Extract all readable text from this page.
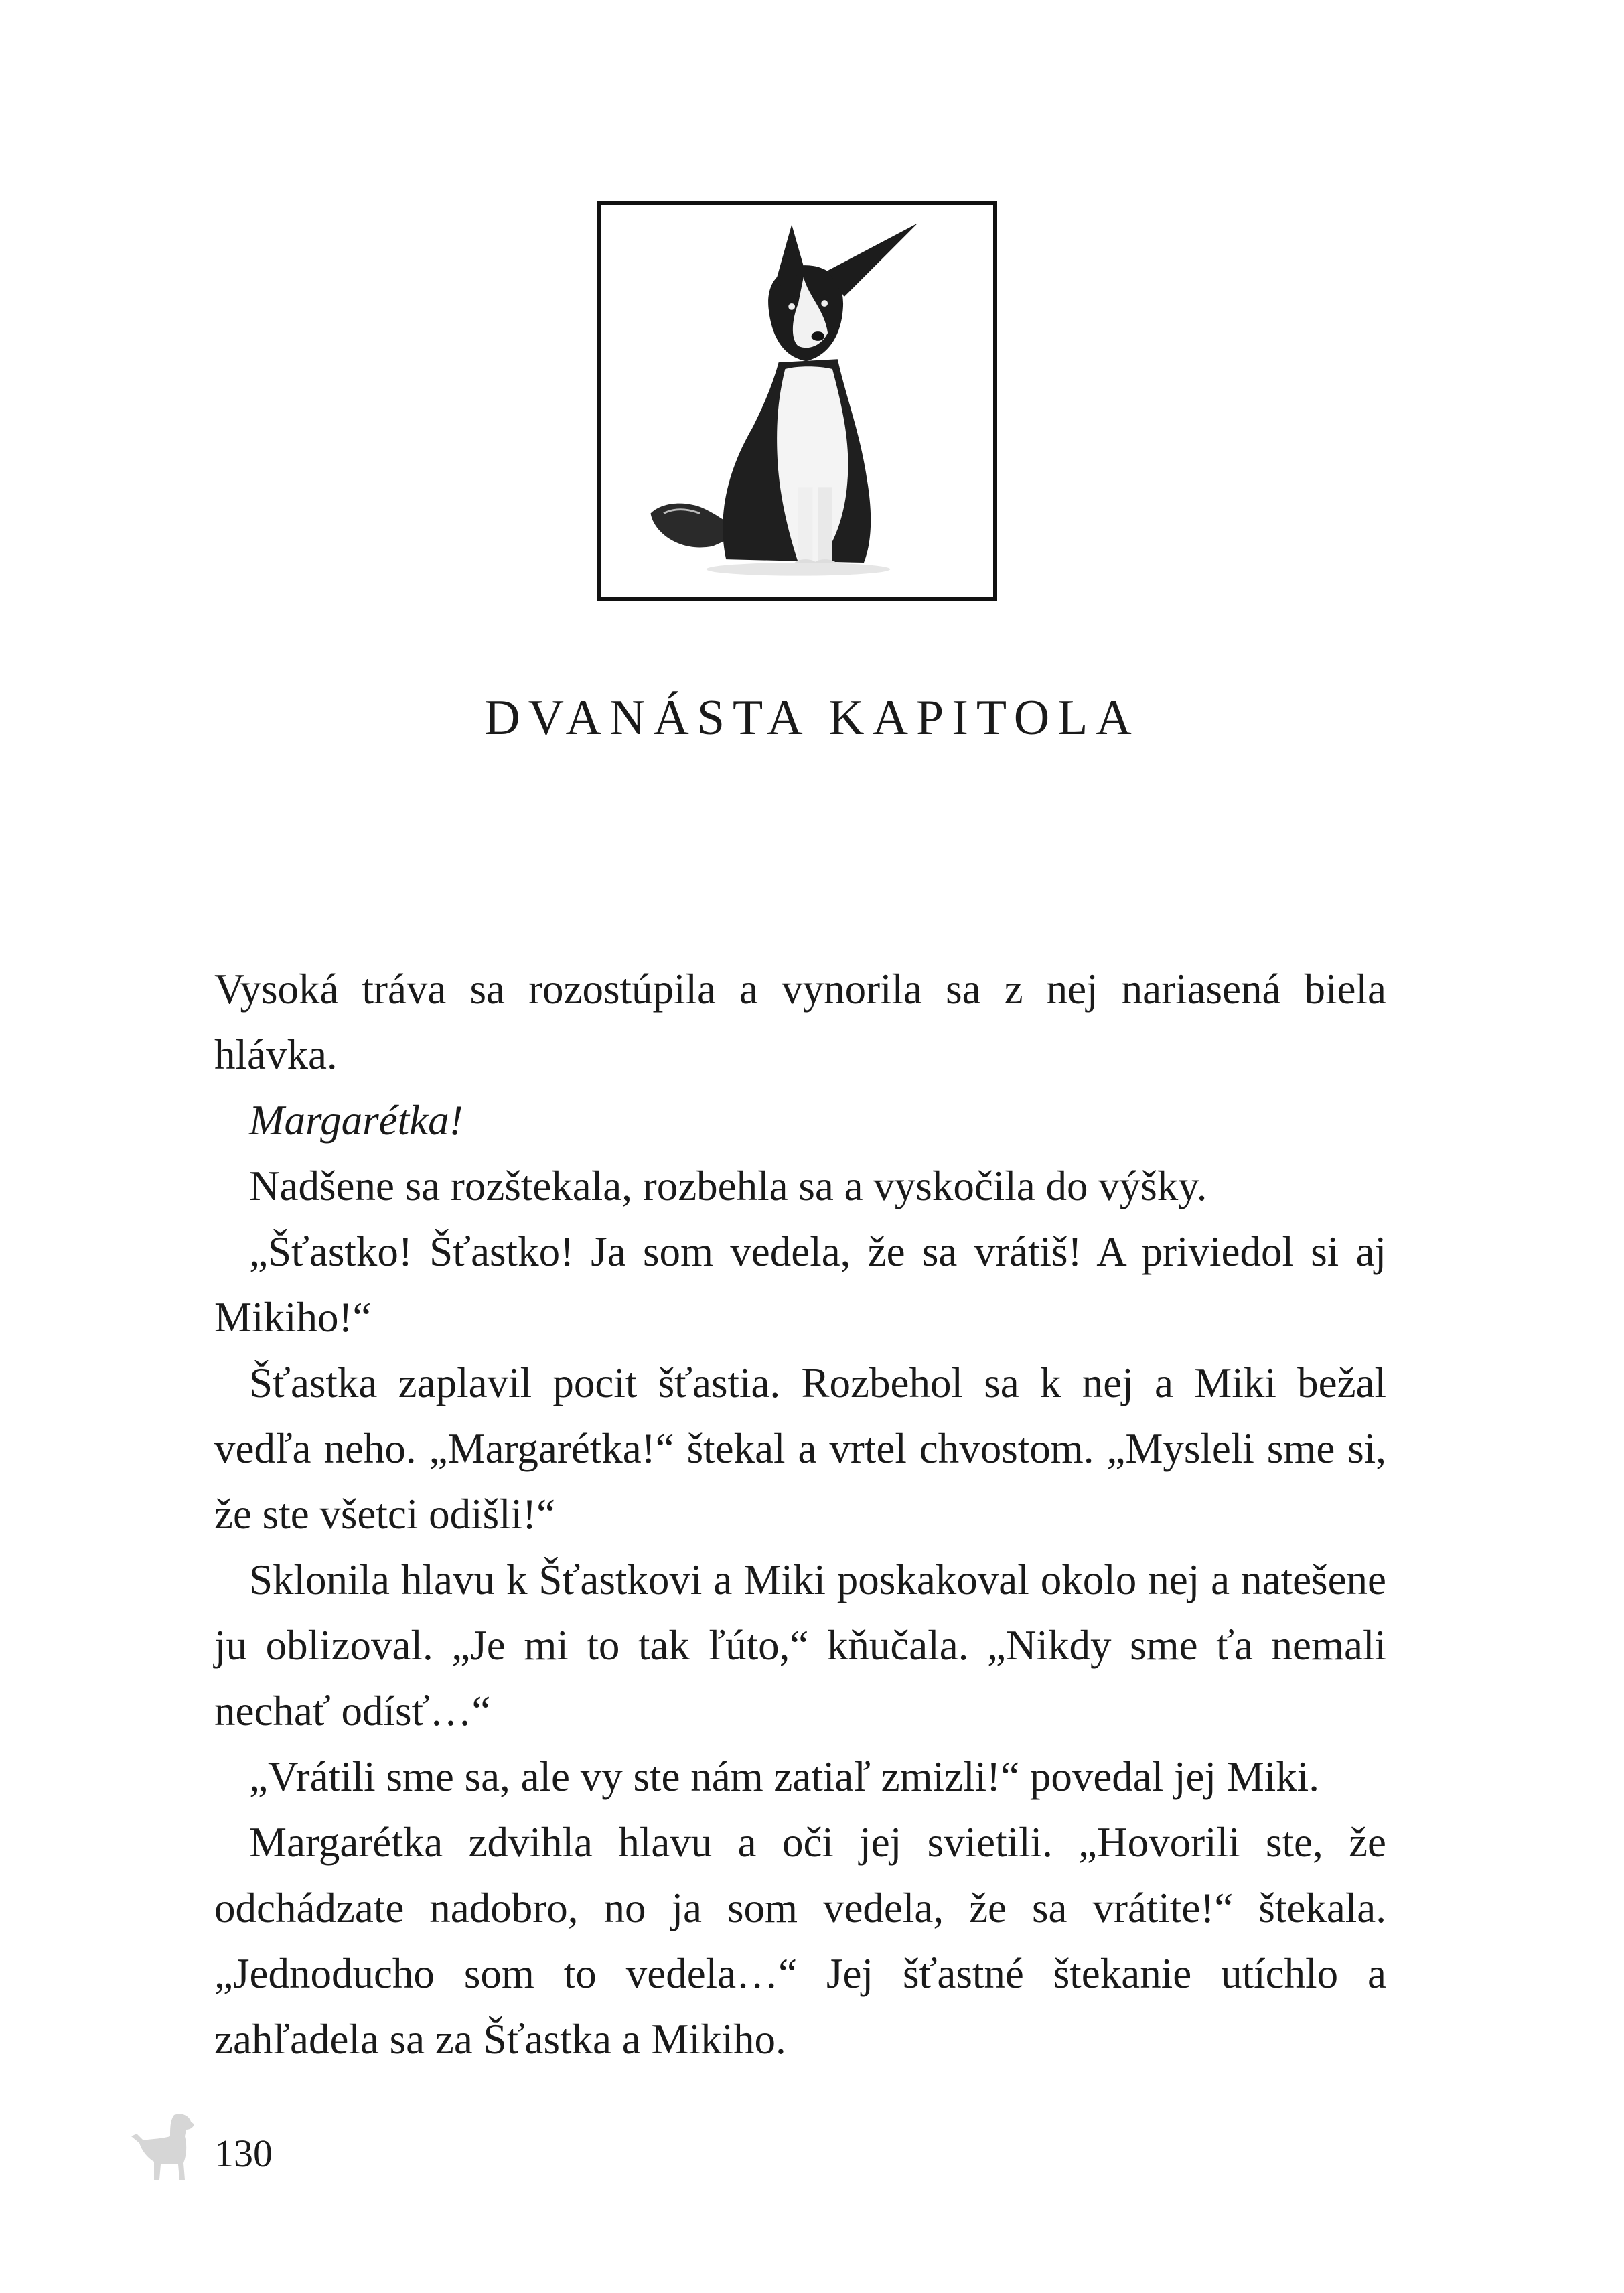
DVANÁSTA KAPITOLA

Vysoká tráva sa rozostúpila a vynorila sa z nej nariasená biela hlávka.

Margarétka!

Nadšene sa rozštekala, rozbehla sa a vyskočila do výšky.

„Šťastko! Šťastko! Ja som vedela, že sa vrátiš! A priviedol si aj Mikiho!“

Šťastka zaplavil pocit šťastia. Rozbehol sa k nej a Miki bežal vedľa neho. „Margarétka!“ štekal a vrtel chvostom. „Mysleli sme si, že ste všetci odišli!“

Sklonila hlavu k Šťastkovi a Miki poskakoval okolo nej a natešene ju oblizoval. „Je mi to tak ľúto,“ kňučala. „Nikdy sme ťa nemali nechať odísť…“

„Vrátili sme sa, ale vy ste nám zatiaľ zmizli!“ povedal jej Miki.

Margarétka zdvihla hlavu a oči jej svietili. „Hovorili ste, že odchádzate nadobro, no ja som vedela, že sa vrátite!“ štekala. „Jednoducho som to vedela…“ Jej šťastné štekanie utíchlo a zahľadela sa za Šťastka a Mikiho.

130
